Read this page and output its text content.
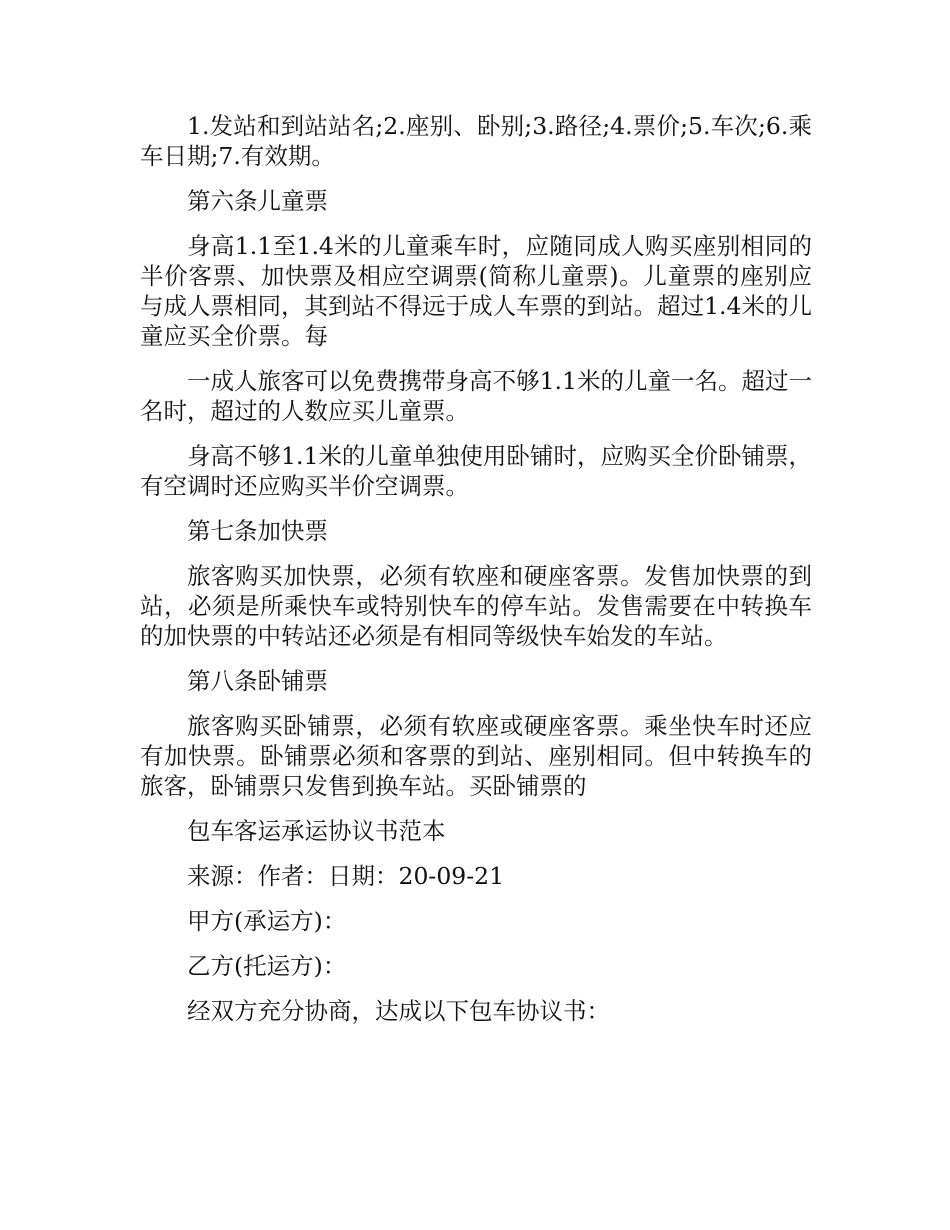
1.发站和到站站名;2.座别、卧别;3.路径;4.票价;5.车次;6.乘车日期;7.有效期。

第六条儿童票

身高1.1至1.4米的儿童乘车时，应随同成人购买座别相同的半价客票、加快票及相应空调票(简称儿童票)。儿童票的座别应与成人票相同，其到站不得远于成人车票的到站。超过1.4米的儿童应买全价票。每

一成人旅客可以免费携带身高不够1.1米的儿童一名。超过一名时，超过的人数应买儿童票。

身高不够1.1米的儿童单独使用卧铺时，应购买全价卧铺票，有空调时还应购买半价空调票。

第七条加快票

旅客购买加快票，必须有软座和硬座客票。发售加快票的到站，必须是所乘快车或特别快车的停车站。发售需要在中转换车的加快票的中转站还必须是有相同等级快车始发的车站。

第八条卧铺票

旅客购买卧铺票，必须有软座或硬座客票。乘坐快车时还应有加快票。卧铺票必须和客票的到站、座别相同。但中转换车的旅客，卧铺票只发售到换车站。买卧铺票的

包车客运承运协议书范本

来源：作者：日期：20-09-21

甲方(承运方)：

乙方(托运方)：

经双方充分协商，达成以下包车协议书：
